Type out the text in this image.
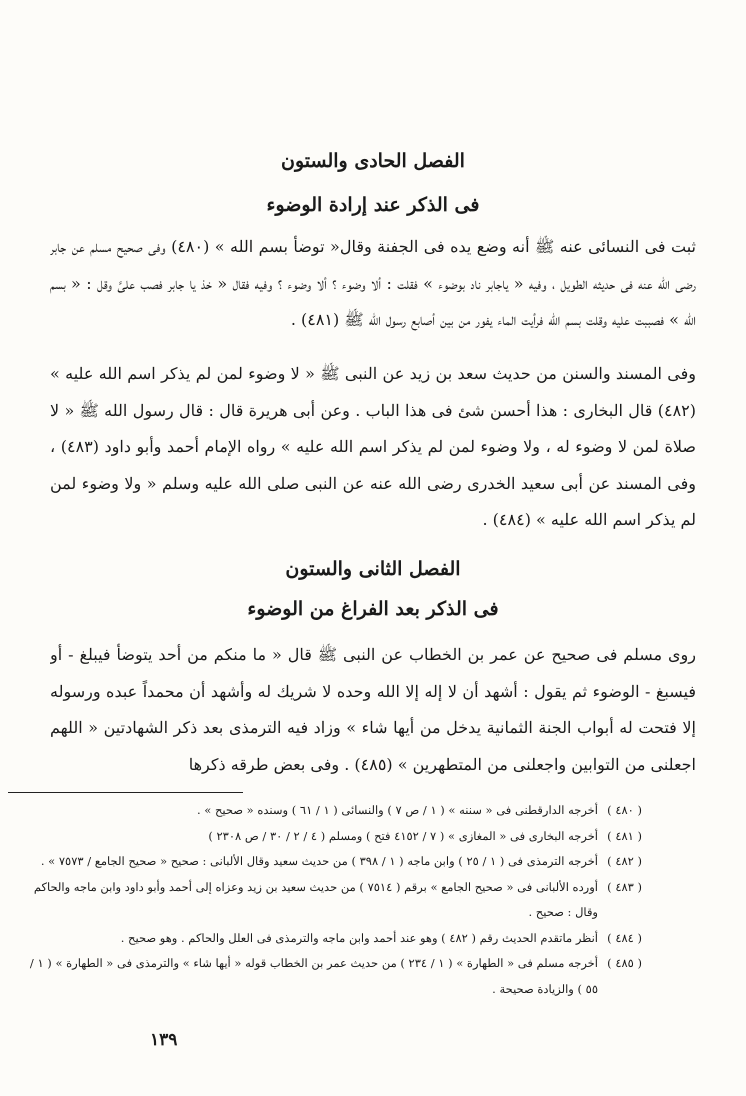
الفصل الحادى والستون
فى الذكر عند إرادة الوضوء
ثبت فى النسائى عنه ﷺ أنه وضع يده فى الجفنة وقال« توضأ بسم الله » (٤٨٠) وفى صحيح مسلم عن جابر رضى الله عنه فى حديثه الطويل ، وفيه « ياجابر ناد بوضوء » فقلت : ألا وضوء ؟ ألا وضوء ؟ وفيه فقال « خذ يا جابر فصب علىَّ وقل : « بسم الله » فصببت عليه وقلت بسم الله فرأيت الماء يفور من بين أصابع رسول الله ﷺ (٤٨١) .
وفى المسند والسنن من حديث سعد بن زيد عن النبى ﷺ « لا وضوء لمن لم يذكر اسم الله عليه » (٤٨٢) قال البخارى : هذا أحسن شئ فى هذا الباب . وعن أبى هريرة قال : قال رسول الله ﷺ « لا صلاة لمن لا وضوء له ، ولا وضوء لمن لم يذكر اسم الله عليه » رواه الإمام أحمد وأبو داود (٤٨٣) ، وفى المسند عن أبى سعيد الخدرى رضى الله عنه عن النبى صلى الله عليه وسلم « ولا وضوء لمن لم يذكر اسم الله عليه » (٤٨٤) .
الفصل الثانى والستون
فى الذكر بعد الفراغ من الوضوء
روى مسلم فى صحيح عن عمر بن الخطاب عن النبى ﷺ قال « ما منكم من أحد يتوضأ فيبلغ - أو فيسبغ - الوضوء ثم يقول : أشهد أن لا إله إلا الله وحده لا شريك له وأشهد أن محمداً عبده ورسوله إلا فتحت له أبواب الجنة الثمانية يدخل من أيها شاء » وزاد فيه الترمذى بعد ذكر الشهادتين « اللهم اجعلنى من التوابين واجعلنى من المتطهرين » (٤٨٥) . وفى بعض طرقه ذكرها
( ٤٨٠ )
أخرجه الدارقطنى فى « سننه » ( ١ / ص ٧ ) والنسائى ( ١ / ٦١ ) وسنده « صحيح » .
( ٤٨١ )
أخرجه البخارى فى « المغازى » ( ٧ / ٤١٥٢ فتح ) ومسلم ( ٤ / ٢ / ٣٠ / ص ٢٣٠٨ )
( ٤٨٢ )
أخرجه الترمذى فى ( ١ / ٢٥ ) وابن ماجه ( ١ / ٣٩٨ ) من حديث سعيد وقال الألبانى : صحيح « صحيح الجامع / ٧٥٧٣ » .
( ٤٨٣ )
أورده الألبانى فى « صحيح الجامع » برقم ( ٧٥١٤ ) من حديث سعيد بن زيد وعزاه إلى أحمد وأبو داود وابن ماجه والحاكم وقال : صحيح .
( ٤٨٤ )
أنظر ماتقدم الحديث رقم ( ٤٨٢ ) وهو عند أحمد وابن ماجه والترمذى فى العلل والحاكم . وهو صحيح .
( ٤٨٥ )
أخرجه مسلم فى « الطهارة » ( ١ / ٢٣٤ ) من حديث عمر بن الخطاب قوله « أيها شاء » والترمذى فى « الطهارة » ( ١ / ٥٥ ) والزيادة صحيحة .
١٣٩
